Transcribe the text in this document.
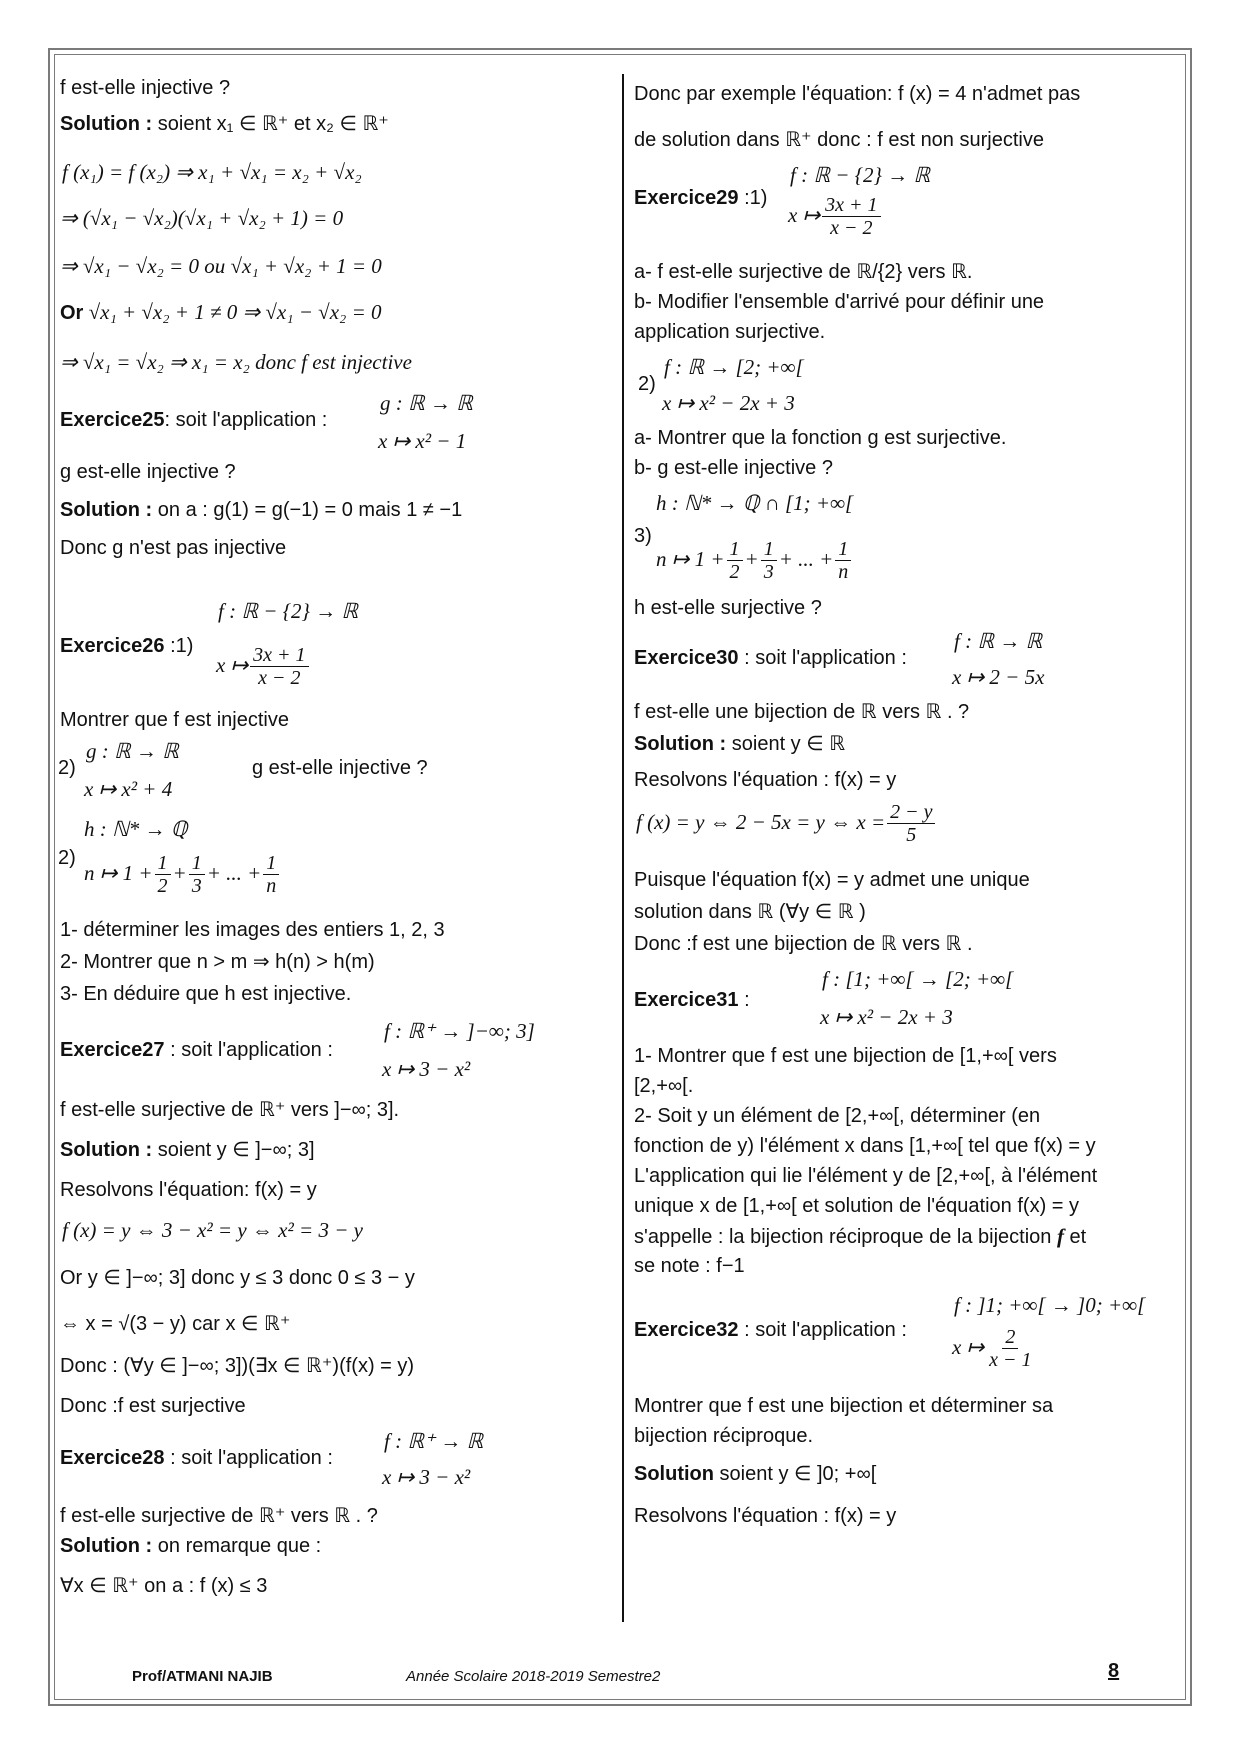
f est-elle injective ?
Solution : soient x₁ ∈ ℝ⁺ et x₂ ∈ ℝ⁺
f (x₁) = f (x₂) ⇒ x₁ + √x₁ = x₂ + √x₂
⇒ (√x₁ − √x₂)(√x₁ + √x₂ + 1) = 0
⇒ √x₁ − √x₂ = 0 ou √x₁ + √x₂ + 1 = 0
Or √x₁ + √x₂ + 1 ≠ 0 ⇒ √x₁ − √x₂ = 0
⇒ √x₁ = √x₂ ⇒ x₁ = x₂ donc f est injective
g : ℝ → ℝ
Exercice25: soit l'application :
x ↦ x² − 1
g est-elle injective ?
Solution : on a : g(1) = g(−1) = 0 mais 1 ≠ −1
Donc g n'est pas injective
f : ℝ − {2} → ℝ
Exercice26 :1)
x ↦ $\frac{3x + 1}{x - 2}$
Montrer que f est injective
g : ℝ → ℝ
2)	g est-elle injective ?
x ↦ x² + 4
h : ℕ* → ℚ
2)
n ↦ $1 + \frac{1}{2} + \frac{1}{3}$ + ... + $\frac{1}{n}$
1- déterminer les images des entiers 1, 2, 3
2- Montrer que n > m ⇒ h(n) > h(m)
3- En déduire que h est injective.
f : ℝ⁺ → ]−∞; 3]
Exercice27 : soit l'application :
x ↦ 3 − x²
f est-elle surjective de ℝ⁺ vers ]−∞; 3].
Solution : soient y ∈ ]−∞; 3]
Resolvons l'équation: f(x) = y
f (x) = y ⇔ 3 − x² = y ⇔ x² = 3 − y
Or y ∈ ]−∞; 3] donc y ≤ 3 donc 0 ≤ 3 − y
⇔ x = √(3 − y) car x ∈ ℝ⁺
Donc : (∀y ∈ ]−∞; 3])(∃x ∈ ℝ⁺)(f(x) = y)
Donc :f est surjective
f : ℝ⁺ → ℝ
Exercice28 : soit l'application :
x ↦ 3 − x²
f est-elle surjective de ℝ⁺ vers ℝ . ?
Solution : on remarque que :
∀x ∈ ℝ⁺ on a : f (x) ≤ 3
Donc par exemple l'équation: f (x) = 4 n'admet pas
de solution dans ℝ⁺ donc : f est non surjective
f : ℝ − {2} → ℝ
Exercice29 :1)
x ↦ $\frac{3x + 1}{x - 2}$
a- f est-elle surjective de ℝ/{2} vers ℝ.
b- Modifier l'ensemble d'arrivé pour définir une
application surjective.
f : ℝ → [2; +∞[
2)
x ↦ x² − 2x + 3
a- Montrer que la fonction g est surjective.
b- g est-elle injective ?
h : ℕ* → ℚ ∩ [1; +∞[
3)
n ↦ $1 + \frac{1}{2} + \frac{1}{3}$ + ... + $\frac{1}{n}$
h est-elle surjective ?
f : ℝ → ℝ
Exercice30 : soit l'application :
x ↦ 2 − 5x
f est-elle une bijection de ℝ vers ℝ . ?
Solution : soient y ∈ ℝ
Resolvons l'équation : f(x) = y
f (x) = y ⇔ 2 − 5x = y ⇔ $x = \frac{2 - y}{5}$
Puisque l'équation f(x) = y admet une unique
solution dans ℝ (∀y ∈ ℝ )
Donc :f est une bijection de ℝ vers ℝ .
f : [1; +∞[ → [2; +∞[
Exercice31 :
x ↦ x² − 2x + 3
1- Montrer que f est une bijection de [1,+∞[ vers
[2,+∞[.
2- Soit y un élément de [2,+∞[, déterminer (en
fonction de y) l'élément x dans [1,+∞[ tel que f(x) = y
L'application qui lie l'élément y de [2,+∞[, à l'élément
unique x de [1,+∞[ et solution de l'équation f(x) = y
s'appelle : la bijection réciproque de la bijection f et
se note : f−1
f : ]1; +∞[ → ]0; +∞[
Exercice32 : soit l'application :
x ↦ $\frac{2}{x - 1}$
Montrer que f est une bijection et déterminer sa
bijection réciproque.
Solution soient y ∈ ]0; +∞[
Resolvons l'équation : f(x) = y
Prof/ATMANI NAJIB	Année Scolaire 2018-2019 Semestre2	8
